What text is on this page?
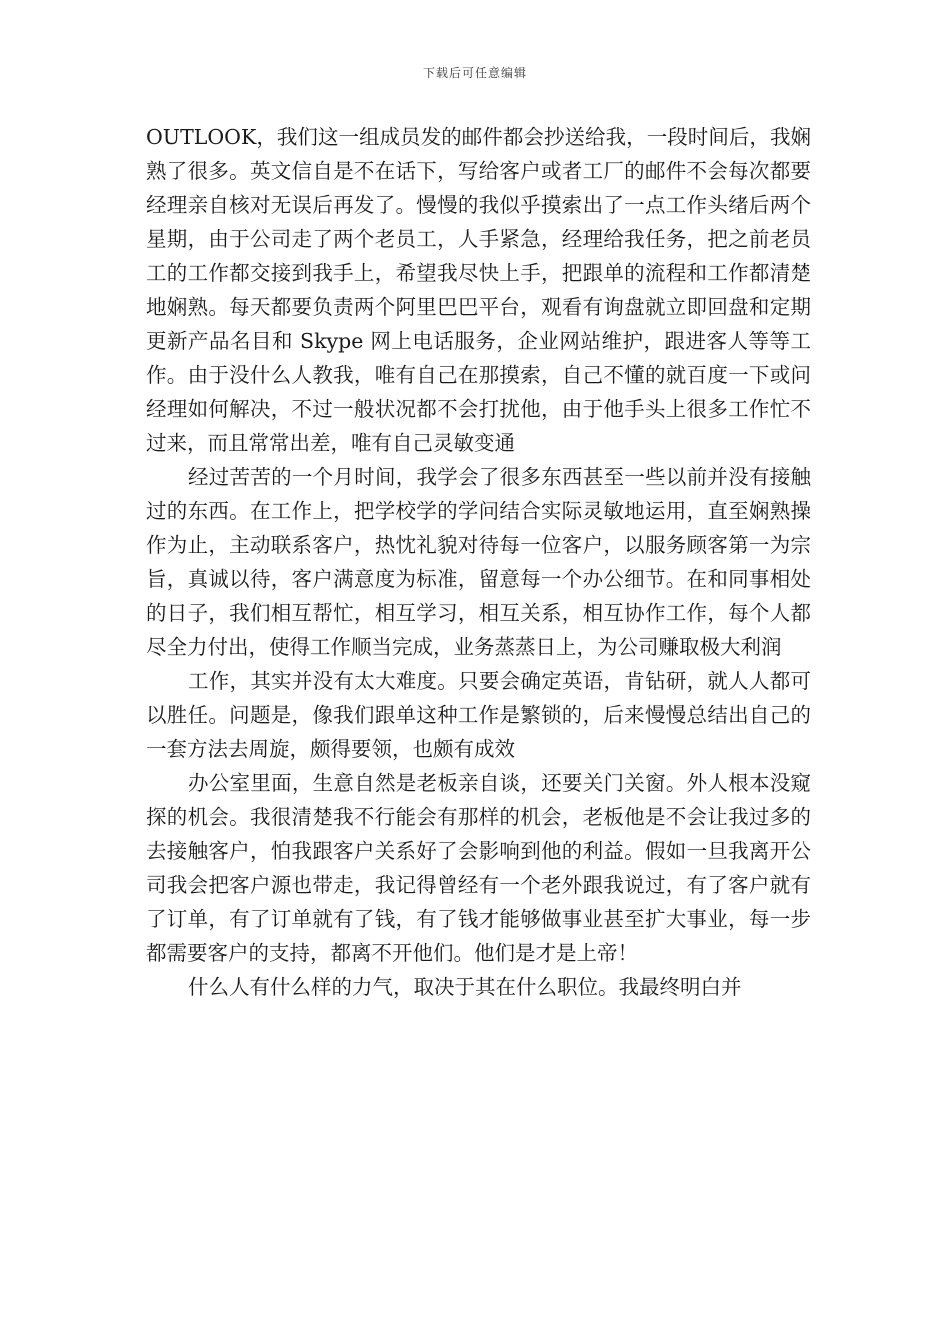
下载后可任意编辑

OUTLOOK，我们这一组成员发的邮件都会抄送给我，一段时间后，我娴熟了很多。英文信自是不在话下，写给客户或者工厂的邮件不会每次都要经理亲自核对无误后再发了。慢慢的我似乎摸索出了一点工作头绪后两个星期，由于公司走了两个老员工，人手紧急，经理给我任务，把之前老员工的工作都交接到我手上，希望我尽快上手，把跟单的流程和工作都清楚地娴熟。每天都要负责两个阿里巴巴平台，观看有询盘就立即回盘和定期更新产品名目和 Skype 网上电话服务，企业网站维护，跟进客人等等工作。由于没什么人教我，唯有自己在那摸索，自己不懂的就百度一下或问经理如何解决，不过一般状况都不会打扰他，由于他手头上很多工作忙不过来，而且常常出差，唯有自己灵敏变通

经过苦苦的一个月时间，我学会了很多东西甚至一些以前并没有接触过的东西。在工作上，把学校学的学问结合实际灵敏地运用，直至娴熟操作为止，主动联系客户，热忱礼貌对待每一位客户，以服务顾客第一为宗旨，真诚以待，客户满意度为标准，留意每一个办公细节。在和同事相处的日子，我们相互帮忙，相互学习，相互关系，相互协作工作，每个人都尽全力付出，使得工作顺当完成，业务蒸蒸日上，为公司赚取极大利润

工作，其实并没有太大难度。只要会确定英语，肯钻研，就人人都可以胜任。问题是，像我们跟单这种工作是繁锁的，后来慢慢总结出自己的一套方法去周旋，颇得要领，也颇有成效

办公室里面，生意自然是老板亲自谈，还要关门关窗。外人根本没窥探的机会。我很清楚我不行能会有那样的机会，老板他是不会让我过多的去接触客户，怕我跟客户关系好了会影响到他的利益。假如一旦我离开公司我会把客户源也带走，我记得曾经有一个老外跟我说过，有了客户就有了订单，有了订单就有了钱，有了钱才能够做事业甚至扩大事业，每一步都需要客户的支持，都离不开他们。他们是才是上帝！

什么人有什么样的力气，取决于其在什么职位。我最终明白并
